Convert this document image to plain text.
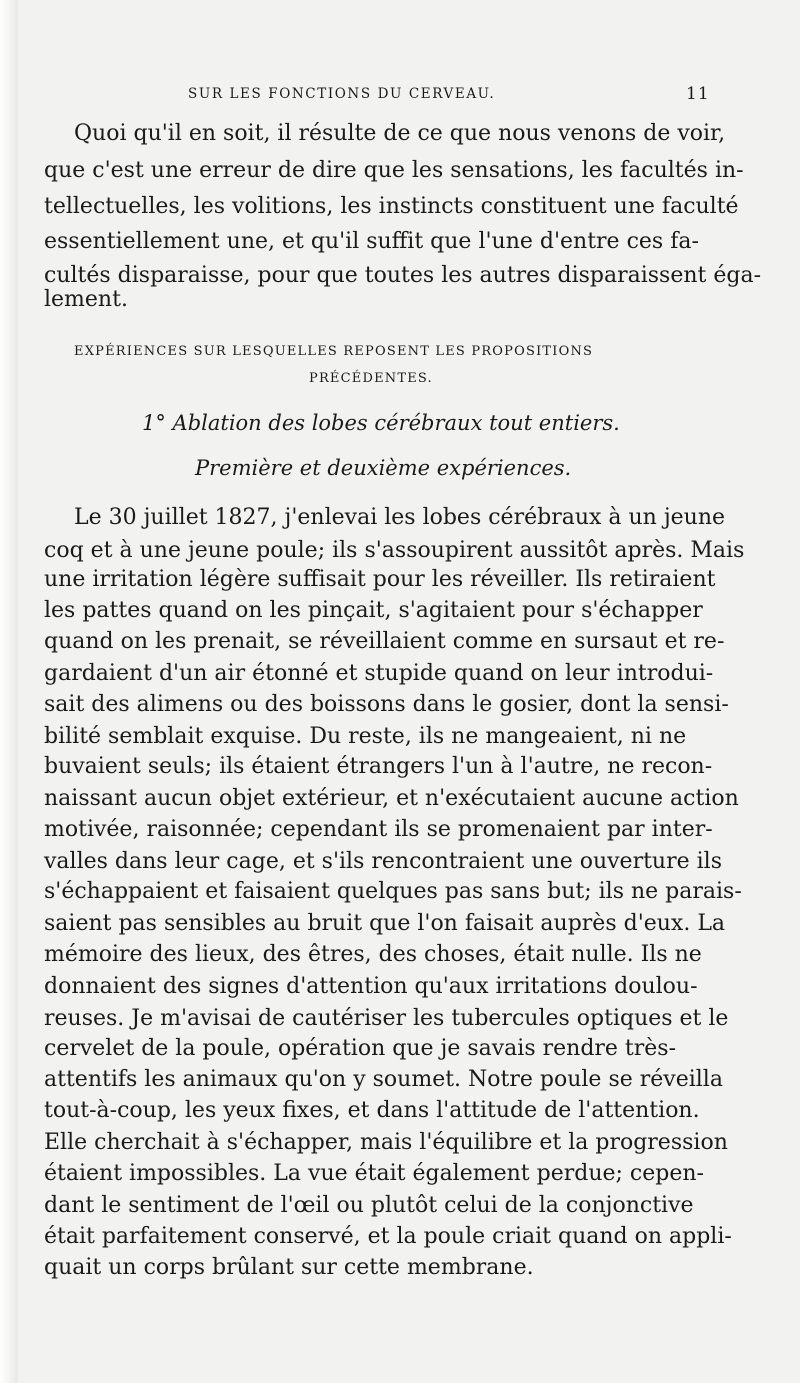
SUR LES FONCTIONS DU CERVEAU.	11
Quoi qu'il en soit, il résulte de ce que nous venons de voir,
que c'est une erreur de dire que les sensations, les facultés in-
tellectuelles, les volitions, les instincts constituent une faculté
essentiellement une, et qu'il suffit que l'une d'entre ces fa-
cultés disparaisse, pour que toutes les autres disparaissent éga-
lement.
EXPÉRIENCES SUR LESQUELLES REPOSENT LES PROPOSITIONS
PRÉCÉDENTES.
1° Ablation des lobes cérébraux tout entiers.
Première et deuxième expériences.
Le 30 juillet 1827, j'enlevai les lobes cérébraux à un jeune
coq et à une jeune poule; ils s'assoupirent aussitôt après. Mais
une irritation légère suffisait pour les réveiller. Ils retiraient
les pattes quand on les pinçait, s'agitaient pour s'échapper
quand on les prenait, se réveillaient comme en sursaut et re-
gardaient d'un air étonné et stupide quand on leur introdui-
sait des alimens ou des boissons dans le gosier, dont la sensi-
bilité semblait exquise. Du reste, ils ne mangeaient, ni ne
buvaient seuls; ils étaient étrangers l'un à l'autre, ne recon-
naissant aucun objet extérieur, et n'exécutaient aucune action
motivée, raisonnée; cependant ils se promenaient par inter-
valles dans leur cage, et s'ils rencontraient une ouverture ils
s'échappaient et faisaient quelques pas sans but; ils ne parais-
saient pas sensibles au bruit que l'on faisait auprès d'eux. La
mémoire des lieux, des êtres, des choses, était nulle. Ils ne
donnaient des signes d'attention qu'aux irritations doulou-
reuses. Je m'avisai de cautériser les tubercules optiques et le
cervelet de la poule, opération que je savais rendre très-
attentifs les animaux qu'on y soumet. Notre poule se réveilla
tout-à-coup, les yeux fixes, et dans l'attitude de l'attention.
Elle cherchait à s'échapper, mais l'équilibre et la progression
étaient impossibles. La vue était également perdue; cepen-
dant le sentiment de l'œil ou plutôt celui de la conjonctive
était parfaitement conservé, et la poule criait quand on appli-
quait un corps brûlant sur cette membrane.
